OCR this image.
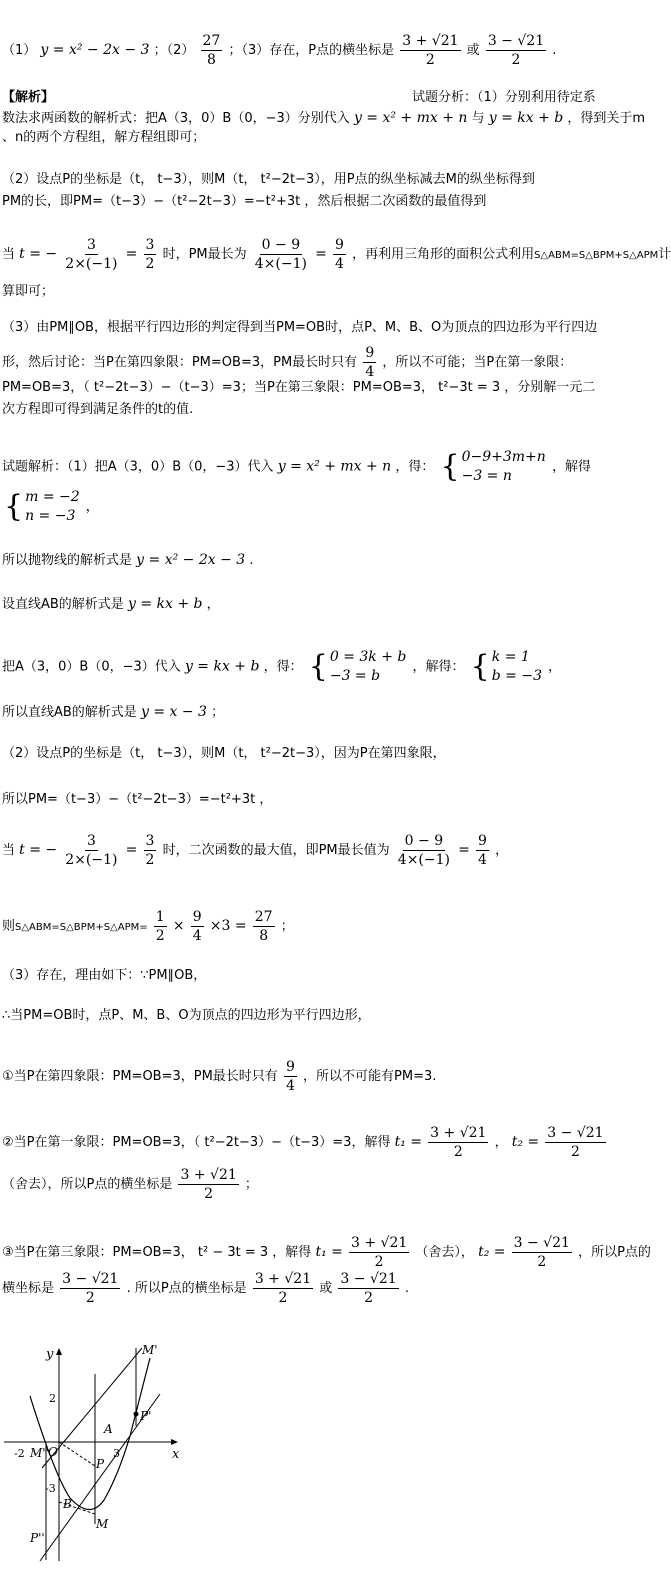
（1） y = x² − 2x − 3 ；$(2) \frac{27}{8}$ ；（3）存在，P点的横坐标是 $\frac{3 + √21}{2}$ 或 $\frac{3 - √21}{2}$ .
【解析】	试题分析：（1）分别利用待定系
数法求两函数的解析式：把A（3，0）B（0，−3）分别代入 y = x² + mx + n 与 y = kx + b ，得到关于m
、n的两个方程组，解方程组即可；
（2）设点P的坐标是（t， t−3），则M（t， t²−2t−3），用P点的纵坐标减去M的纵坐标得到
PM的长，即PM=（t−3）−（t²−2t−3）=−t²+3t ，然后根据二次函数的最值得到
当 t = − $\frac{3}{2\times(-1)} = \frac{3}{2}$ 时，PM最长为 $\frac{0 - 9}{4\times(-1)} = \frac{9}{4}$ ，再利用三角形的面积公式利用S△ABM=S△BPM+S△APM计
算即可；
（3）由PM∥OB，根据平行四边形的判定得到当PM=OB时，点P、M、B、O为顶点的四边形为平行四边
形，然后讨论：当P在第四象限：PM=OB=3，PM最长时只有 $\frac{9}{4}$ ，所以不可能；当P在第一象限：
PM=OB=3，（ t²−2t−3）−（t−3）=3；当P在第三象限：PM=OB=3， t²−3t = 3 ，分别解一元二
次方程即可得到满足条件的t的值.
试题解析：（1）把A（3，0）B（0，−3）代入 y = x² + mx + n ，得： { 0−9+3m+n
−3 = n
，解得
{ m = −2
n = −3
，
所以抛物线的解析式是 y = x² − 2x − 3 .
设直线AB的解析式是 y = kx + b ，
把A（3，0）B（0，−3）代入 y = kx + b ，得： { 0 = 3k + b
−3 = b
，解得： { k = 1
b = −3
，
所以直线AB的解析式是 y = x − 3 ；
（2）设点P的坐标是（t， t−3），则M（t， t²−2t−3），因为P在第四象限，
所以PM=（t−3）−（t²−2t−3）=−t²+3t ，
当 t = − $\frac{3}{2\times(-1)} = \frac{3}{2}$ 时，二次函数的最大值，即PM最长值为 $\frac{0 - 9}{4\times(-1)} = \frac{9}{4}$ ，
则S△ABM=S△BPM+S△APM= $\frac{1}{2} \times \frac{9}{4} \times 3 = \frac{27}{8}$ ；
（3）存在，理由如下：∵PM∥OB，
∴当PM=OB时，点P、M、B、O为顶点的四边形为平行四边形，
①当P在第四象限：PM=OB=3，PM最长时只有 $\frac{9}{4}$ ，所以不可能有PM=3.
②当P在第一象限：PM=OB=3，（ t²−2t−3）−（t−3）=3，解得 $t_1 = \frac{3 + √21}{2}$ ， $t_2 = \frac{3 - √21}{2}$
（舍去），所以P点的横坐标是 $\frac{3 + √21}{2}$ ；
③当P在第三象限：PM=OB=3， t² − 3t = 3 ，解得 $t_1 = \frac{3 + √21}{2}$ （舍去）， $t_2 = \frac{3 - √21}{2}$ ，所以P点的
横坐标是 $\frac{3 - √21}{2}$ . 所以P点的横坐标是 $\frac{3 + √21}{2}$ 或 $\frac{3 - √21}{2}$ .
x
y
O
-2	3
2
-3
M'
P'
A
P
M
B
M''
P''
